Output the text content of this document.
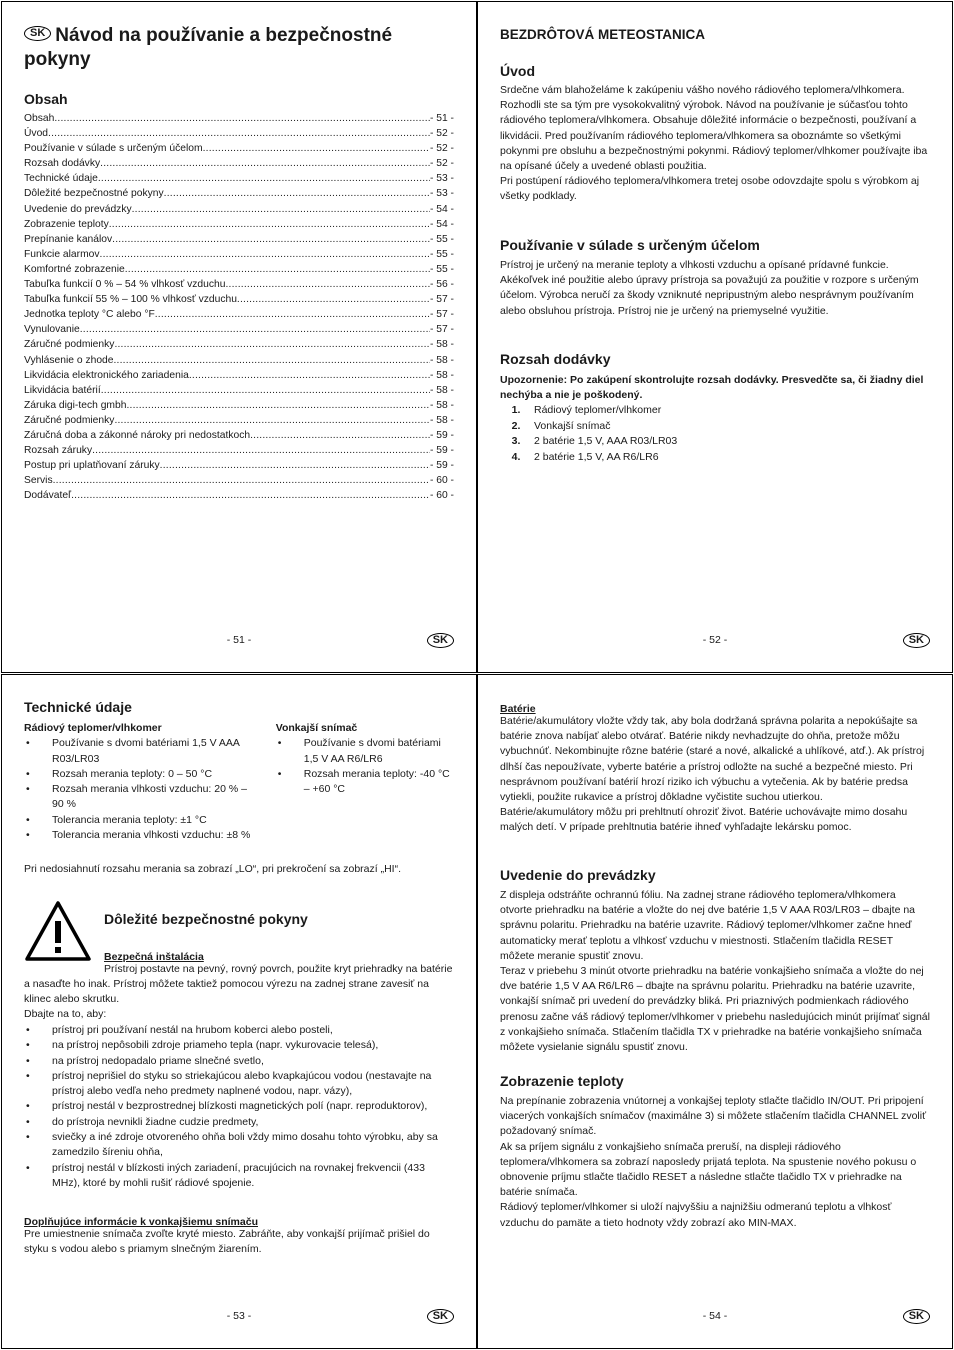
SK Návod na používanie a bezpečnostné pokyny
Obsah
Obsah .....	- 51 -
Úvod .....	- 52 -
Používanie v súlade s určeným účelom .....	- 52 -
Rozsah dodávky .....	- 52 -
Technické údaje .....	- 53 -
Dôležité bezpečnostné pokyny .....	- 53 -
Uvedenie do prevádzky .....	- 54 -
Zobrazenie teploty .....	- 54 -
Prepínanie kanálov .....	- 55 -
Funkcie alarmov .....	- 55 -
Komfortné zobrazenie .....	- 55 -
Tabuľka funkcií 0 % – 54 % vlhkosť vzduchu .....	- 56 -
Tabuľka funkcií 55 % – 100 % vlhkosť vzduchu .....	- 57 -
Jednotka teploty °C alebo °F .....	- 57 -
Vynulovanie .....	- 57 -
Záručné podmienky .....	- 58 -
Vyhlásenie o zhode .....	- 58 -
Likvidácia elektronického zariadenia .....	- 58 -
Likvidácia batérií .....	- 58 -
Záruka digi-tech gmbh .....	- 58 -
Záručné podmienky .....	- 58 -
Záručná doba a zákonné nároky pri nedostatkoch .....	- 59 -
Rozsah záruky .....	- 59 -
Postup pri uplatňovaní záruky .....	- 59 -
Servis .....	- 60 -
Dodávateľ .....	- 60 -
- 51 -	SK
BEZDRÔTOVÁ METEOSTANICA
Úvod

Srdečne vám blahoželáme k zakúpeniu vášho nového rádiového teplomera/vlhkomera. Rozhodli ste sa tým pre vysokokvalitný výrobok. Návod na používanie je súčasťou tohto rádiového teplomera/vlhkomera. Obsahuje dôležité informácie o bezpečnosti, používaní a likvidácii. Pred používaním rádiového teplomera/vlhkomera sa oboznámte so všetkými pokynmi pre obsluhu a bezpečnostnými pokynmi. Rádiový teplomer/vlhkomer používajte iba na opísané účely a uvedené oblasti použitia.

Pri postúpení rádiového teplomera/vlhkomera tretej osobe odovzdajte spolu s výrobkom aj všetky podklady.

Používanie v súlade s určeným účelom

Prístroj je určený na meranie teploty a vlhkosti vzduchu a opísané prídavné funkcie. Akékoľvek iné použitie alebo úpravy prístroja sa považujú za použitie v rozpore s určeným účelom. Výrobca neručí za škody vzniknuté nepripustným alebo nesprávnym používaním alebo obsluhou prístroja. Prístroj nie je určený na priemyselné využitie.

Rozsah dodávky

Upozornenie: Po zakúpení skontrolujte rozsah dodávky. Presvedčte sa, či žiadny diel nechýba a nie je poškodený.

1.	Rádiový teplomer/vlhkomer
2.	Vonkajší snímač
3.	2 batérie 1,5 V, AAA R03/LR03
4.	2 batérie 1,5 V, AA R6/LR6
- 52 -	SK
Technické údaje
Rádiový teplomer/vlhkomer
• Používanie s dvomi batériami 1,5 V AAA R03/LR03
• Rozsah merania teploty: 0 – 50 °C
• Rozsah merania vlhkosti vzduchu: 20 % – 90 %
• Tolerancia merania teploty: ±1 °C
• Tolerancia merania vlhkosti vzduchu: ±8 %
Vonkajší snímač
• Používanie s dvomi batériami 1,5 V AA R6/LR6
• Rozsah merania teploty: -40 °C – +60 °C

Pri nedosiahnutí rozsahu merania sa zobrazí „LO“, pri prekročení sa zobrazí „HI“.

Dôležité bezpečnostné pokyny
Bezpečná inštalácia

Prístroj postavte na pevný, rovný povrch, použite kryt priehradky na batérie a nasaďte ho inak. Prístroj môžete taktiež pomocou výrezu na zadnej strane zavesiť na klinec alebo skrutku.

Dbajte na to, aby:

• prístroj pri používaní nestál na hrubom koberci alebo posteli,
• na prístroj nepôsobili zdroje priameho tepla (napr. vykurovacie telesá),
• na prístroj nedopadalo priame slnečné svetlo,
• prístroj neprišiel do styku so striekajúcou alebo kvapkajúcou vodou (nestavajte na prístroj alebo vedľa neho predmety naplnené vodou, napr. vázy),
• prístroj nestál v bezprostrednej blízkosti magnetických polí (napr. reproduktorov),
• do prístroja nevnikli žiadne cudzie predmety,
• sviečky a iné zdroje otvoreného ohňa boli vždy mimo dosahu tohto výrobku, aby sa zamedzilo šíreniu ohňa,
• prístroj nestál v blízkosti iných zariadení, pracujúcich na rovnakej frekvencii (433 MHz), ktoré by mohli rušiť rádiové spojenie.
Doplňujúce informácie k vonkajšiemu snímaču

Pre umiestnenie snímača zvoľte kryté miesto. Zabráňte, aby vonkajší prijímač prišiel do styku s vodou alebo s priamym slnečným žiarením.

- 53 -	SK
Batérie

Batérie/akumulátory vložte vždy tak, aby bola dodržaná správna polarita a nepokúšajte sa batérie znova nabíjať alebo otvárať. Batérie nikdy nevhadzujte do ohňa, pretože môžu vybuchnúť. Nekombinujte rôzne batérie (staré a nové, alkalické a uhlíkové, atď.). Ak prístroj dlhší čas nepoužívate, vyberte batérie a prístroj odložte na suché a bezpečné miesto. Pri nesprávnom používaní batérií hrozí riziko ich výbuchu a vytečenia. Ak by batérie predsa vytiekli, použite rukavice a prístroj dôkladne vyčistite suchou utierkou.

Batérie/akumulátory môžu pri prehltnutí ohroziť život. Batérie uchovávajte mimo dosahu malých detí. V prípade prehltnutia batérie ihneď vyhľadajte lekársku pomoc.

Uvedenie do prevádzky

Z displeja odstráňte ochrannú fóliu. Na zadnej strane rádiového teplomera/vlhkomera otvorte priehradku na batérie a vložte do nej dve batérie 1,5 V AAA R03/LR03 – dbajte na správnu polaritu. Priehradku na batérie uzavrite. Rádiový teplomer/vlhkomer začne hneď automaticky merať teplotu a vlhkosť vzduchu v miestnosti. Stlačením tlačidla RESET môžete meranie spustiť znovu.

Teraz v priebehu 3 minút otvorte priehradku na batérie vonkajšieho snímača a vložte do nej dve batérie 1,5 V AA R6/LR6 – dbajte na správnu polaritu. Priehradku na batérie uzavrite, vonkajší snímač pri uvedení do prevádzky bliká. Pri priaznivých podmienkach rádiového prenosu začne váš rádiový teplomer/vlhkomer v priebehu nasledujúcich minút prijímať signál z vonkajšieho snímača. Stlačením tlačidla TX v priehradke na batérie vonkajšieho snímača môžete vysielanie signálu spustiť znovu.

Zobrazenie teploty

Na prepínanie zobrazenia vnútornej a vonkajšej teploty stlačte tlačidlo IN/OUT. Pri pripojení viacerých vonkajších snímačov (maximálne 3) si môžete stlačením tlačidla CHANNEL zvoliť požadovaný snímač.

Ak sa príjem signálu z vonkajšieho snímača preruší, na displeji rádiového teplomera/vlhkomera sa zobrazí naposledy prijatá teplota. Na spustenie nového pokusu o obnovenie príjmu stlačte tlačidlo RESET a následne stlačte tlačidlo TX v priehradke na batérie snímača.

Rádiový teplomer/vlhkomer si uloží najvyššiu a najnižšiu odmeranú teplotu a vlhkosť vzduchu do pamäte a tieto hodnoty vždy zobrazí ako MIN-MAX.

- 54 -	SK
